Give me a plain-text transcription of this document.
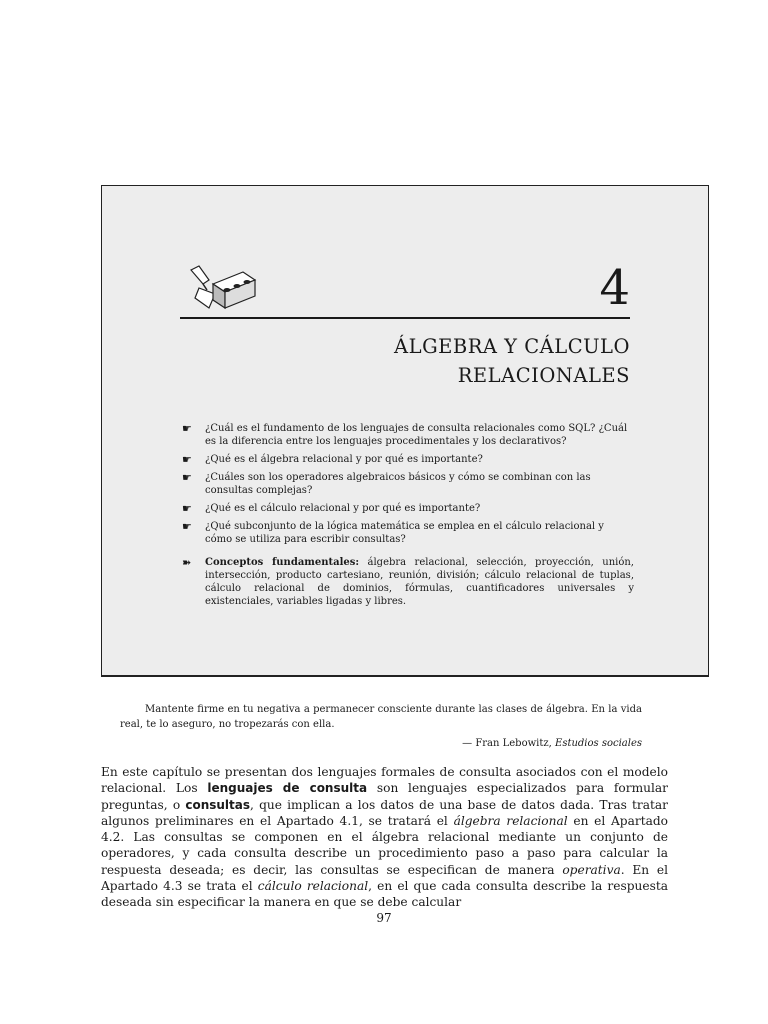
4
ÁLGEBRA Y CÁLCULO
RELACIONALES
☛ ¿Cuál es el fundamento de los lenguajes de consulta relacionales como SQL? ¿Cuál es la diferencia entre los lenguajes procedimentales y los declarativos?
☛ ¿Qué es el álgebra relacional y por qué es importante?
☛ ¿Cuáles son los operadores algebraicos básicos y cómo se combinan con las consultas complejas?
☛ ¿Qué es el cálculo relacional y por qué es importante?
☛ ¿Qué subconjunto de la lógica matemática se emplea en el cálculo relacional y cómo se utiliza para escribir consultas?
➽ Conceptos fundamentales: álgebra relacional, selección, proyección, unión, intersección, producto cartesiano, reunión, división; cálculo relacional de tuplas, cálculo relacional de dominios, fórmulas, cuantificadores universales y existenciales, variables ligadas y libres.

Mantente firme en tu negativa a permanecer consciente durante las clases de álgebra. En la vida real, te lo aseguro, no tropezarás con ella.

— Fran Lebowitz, Estudios sociales

En este capítulo se presentan dos lenguajes formales de consulta asociados con el modelo relacional. Los lenguajes de consulta son lenguajes especializados para formular preguntas, o consultas, que implican a los datos de una base de datos dada. Tras tratar algunos preliminares en el Apartado 4.1, se tratará el álgebra relacional en el Apartado 4.2. Las consultas se componen en el álgebra relacional mediante un conjunto de operadores, y cada consulta describe un procedimiento paso a paso para calcular la respuesta deseada; es decir, las consultas se especifican de manera operativa. En el Apartado 4.3 se trata el cálculo relacional, en el que cada consulta describe la respuesta deseada sin especificar la manera en que se debe calcular

97
